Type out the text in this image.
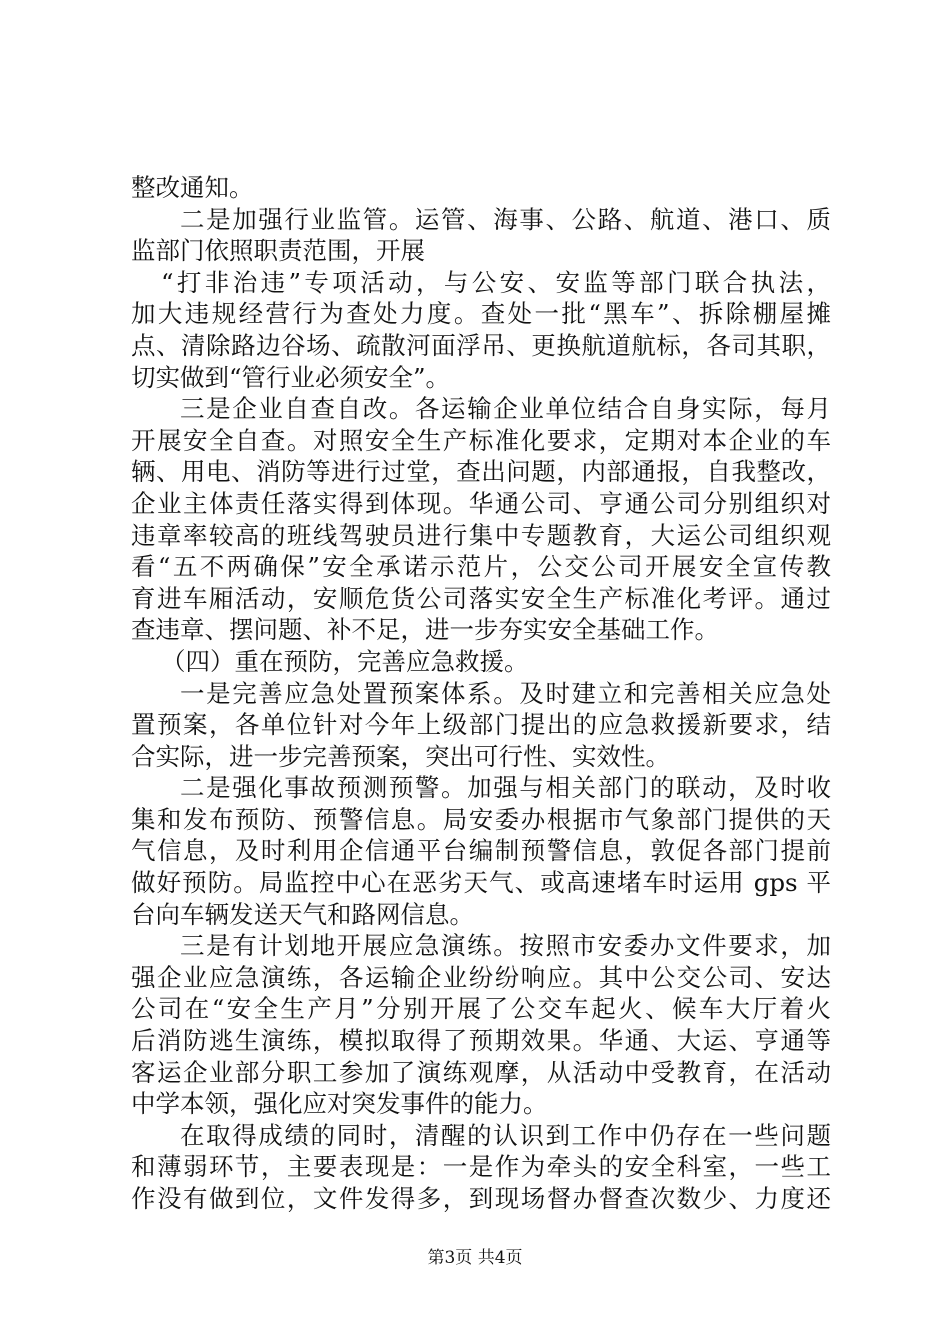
整改通知。
二是加强行业监管。运管、海事、公路、航道、港口、质
监部门依照职责范围，开展
“打非治违”专项活动，与公安、安监等部门联合执法，
加大违规经营行为查处力度。查处一批“黑车”、拆除棚屋摊
点、清除路边谷场、疏散河面浮吊、更换航道航标，各司其职，
切实做到“管行业必须安全”。
三是企业自查自改。各运输企业单位结合自身实际，每月
开展安全自查。对照安全生产标准化要求，定期对本企业的车
辆、用电、消防等进行过堂，查出问题，内部通报，自我整改，
企业主体责任落实得到体现。华通公司、亨通公司分别组织对
违章率较高的班线驾驶员进行集中专题教育，大运公司组织观
看“五不两确保”安全承诺示范片，公交公司开展安全宣传教
育进车厢活动，安顺危货公司落实安全生产标准化考评。通过
查违章、摆问题、补不足，进一步夯实安全基础工作。
（四）重在预防，完善应急救援。
一是完善应急处置预案体系。及时建立和完善相关应急处
置预案，各单位针对今年上级部门提出的应急救援新要求，结
合实际，进一步完善预案，突出可行性、实效性。
二是强化事故预测预警。加强与相关部门的联动，及时收
集和发布预防、预警信息。局安委办根据市气象部门提供的天
气信息，及时利用企信通平台编制预警信息，敦促各部门提前
做好预防。局监控中心在恶劣天气、或高速堵车时运用 gps 平
台向车辆发送天气和路网信息。
三是有计划地开展应急演练。按照市安委办文件要求，加
强企业应急演练，各运输企业纷纷响应。其中公交公司、安达
公司在“安全生产月”分别开展了公交车起火、候车大厅着火
后消防逃生演练，模拟取得了预期效果。华通、大运、亨通等
客运企业部分职工参加了演练观摩，从活动中受教育，在活动
中学本领，强化应对突发事件的能力。
在取得成绩的同时，清醒的认识到工作中仍存在一些问题
和薄弱环节，主要表现是：一是作为牵头的安全科室，一些工
作没有做到位，文件发得多，到现场督办督查次数少、力度还
第3页 共4页
